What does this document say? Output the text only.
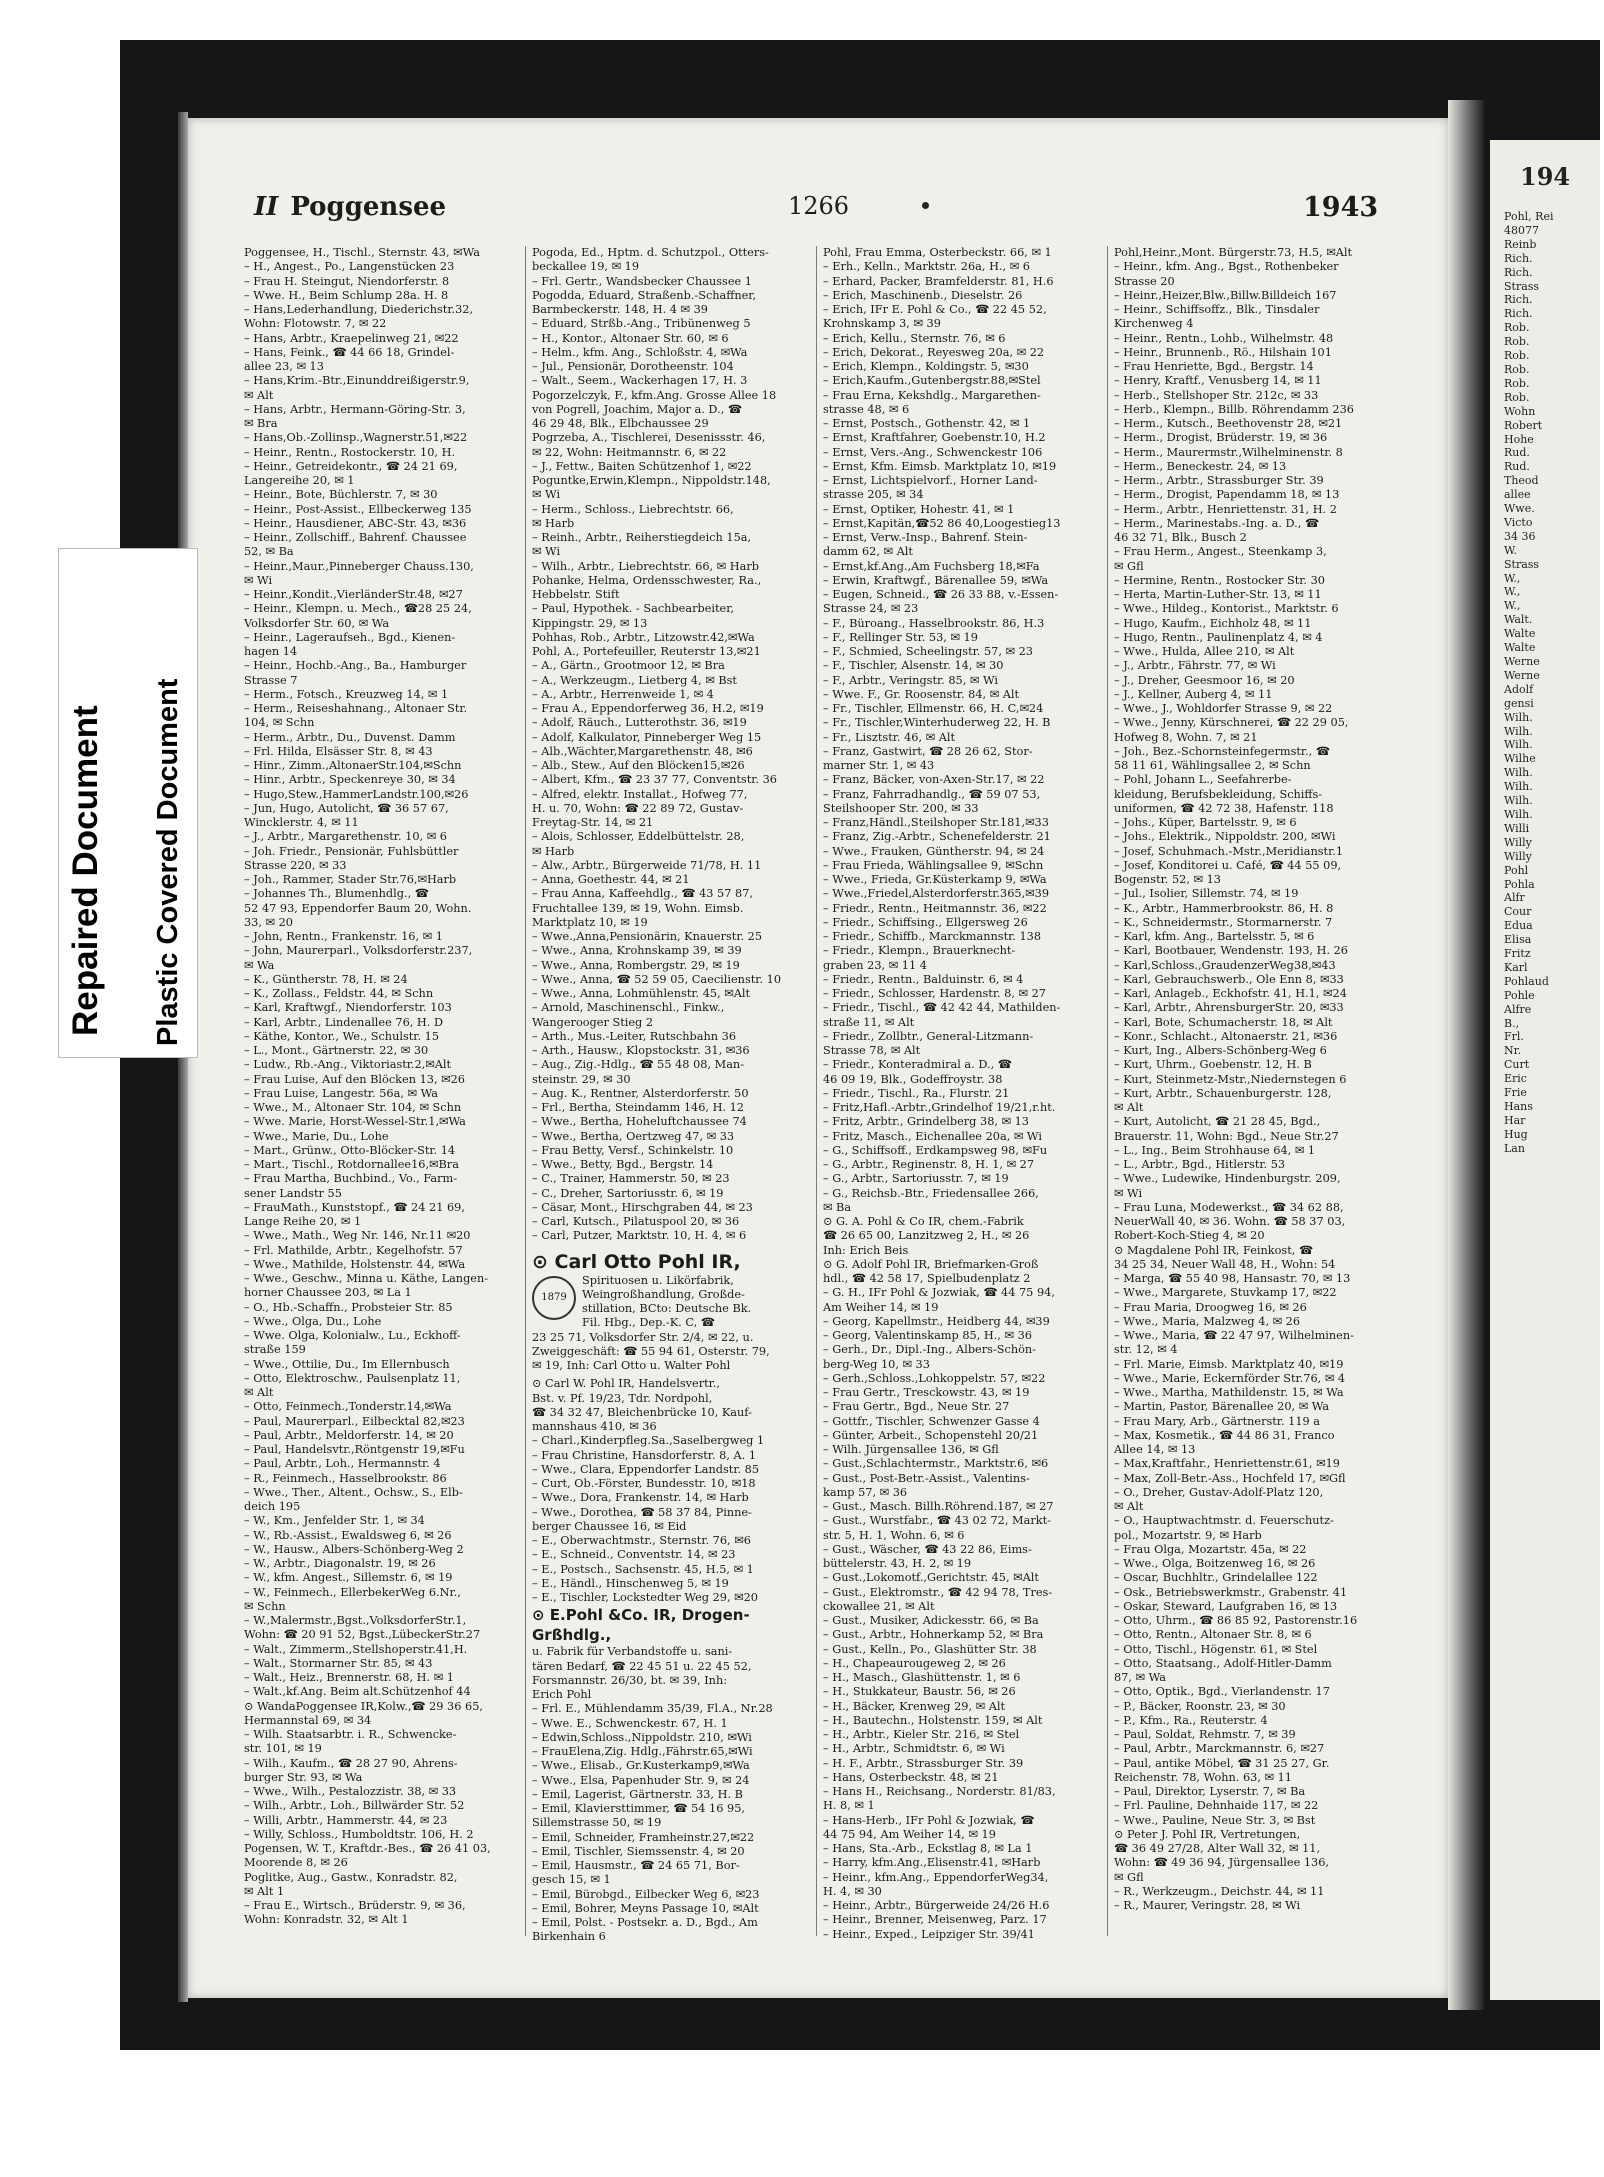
194
Pohl, Rei
48077
Reinb
Rich.
Rich.
Strass
Rich.
Rich.
Rob.
Rob.
Rob.
Rob.
Rob.
Rob.
Wohn
Robert
Hohe
Rud.
Rud.
Theod
allee
Wwe.
Victo
34 36
W.
Strass
W.,
W.,
W.,
Walt.
Walte
Walte
Werne
Werne
Adolf
gensi
Wilh.
Wilh.
Wilh.
Wilhe
Wilh.
Wilh.
Wilh.
Wilh.
Willi
Willy
Willy
Pohl
Pohla
Alfr
Cour
Edua
Elisa
Fritz
Karl
Pohlaud
Pohle
Alfre
B.,
Frl.
Nr.
Curt
Eric
Frie
Hans
Har
Hug
Lan
II Poggensee	1266	1943
Poggensee, H., Tischl., Sternstr. 43, ✉Wa
– H., Angest., Po., Langenstücken 23
– Frau H. Steingut, Niendorferstr. 8
– Wwe. H., Beim Schlump 28a. H. 8
– Hans,Lederhandlung, Diederichstr.32,
Wohn: Flotowstr. 7, ✉ 22
– Hans, Arbtr., Kraepelinweg 21, ✉22
– Hans, Feink., ☎ 44 66 18, Grindel-
allee 23, ✉ 13
– Hans,Krim.-Btr.,Einunddreißigerstr.9,
✉ Alt
– Hans, Arbtr., Hermann-Göring-Str. 3,
✉ Bra
– Hans,Ob.-Zollinsp.,Wagnerstr.51,✉22
– Heinr., Rentn., Rostockerstr. 10, H.
– Heinr., Getreidekontr., ☎ 24 21 69,
Langereihe 20, ✉ 1
– Heinr., Bote, Büchlerstr. 7, ✉ 30
– Heinr., Post-Assist., Ellbeckerweg 135
– Heinr., Hausdiener, ABC-Str. 43, ✉36
– Heinr., Zollschiff., Bahrenf. Chaussee
52, ✉ Ba
– Heinr.,Maur.,Pinneberger Chauss.130,
✉ Wi
– Heinr.,Kondit.,VierländerStr.48, ✉27
– Heinr., Klempn. u. Mech., ☎28 25 24,
Volksdorfer Str. 60, ✉ Wa
– Heinr., Lageraufseh., Bgd., Kienen-
hagen 14
– Heinr., Hochb.-Ang., Ba., Hamburger
Strasse 7
– Herm., Fotsch., Kreuzweg 14, ✉ 1
– Herm., Reiseshahnang., Altonaer Str.
104, ✉ Schn
– Herm., Arbtr., Du., Duvenst. Damm
– Frl. Hilda, Elsässer Str. 8, ✉ 43
– Hinr., Zimm.,AltonaerStr.104,✉Schn
– Hinr., Arbtr., Speckenreye 30, ✉ 34
– Hugo,Stew.,HammerLandstr.100,✉26
– Jun, Hugo, Autolicht, ☎ 36 57 67,
Wincklerstr. 4, ✉ 11
– J., Arbtr., Margarethenstr. 10, ✉ 6
– Joh. Friedr., Pensionär, Fuhlsbüttler
Strasse 220, ✉ 33
– Joh., Rammer, Stader Str.76,✉Harb
– Johannes Th., Blumenhdlg., ☎
52 47 93, Eppendorfer Baum 20, Wohn.
33, ✉ 20
– John, Rentn., Frankenstr. 16, ✉ 1
– John, Maurerparl., Volksdorferstr.237,
✉ Wa
– K., Güntherstr. 78, H. ✉ 24
– K., Zollass., Feldstr. 44, ✉ Schn
– Karl, Kraftwgf., Niendorferstr. 103
– Karl, Arbtr., Lindenallee 76, H. D
– Käthe, Kontor., We., Schulstr. 15
– L., Mont., Gärtnerstr. 22, ✉ 30
– Ludw., Rb.-Ang., Viktoriastr.2,✉Alt
– Frau Luise, Auf den Blöcken 13, ✉26
– Frau Luise, Langestr. 56a, ✉ Wa
– Wwe., M., Altonaer Str. 104, ✉ Schn
– Wwe. Marie, Horst-Wessel-Str.1,✉Wa
– Wwe., Marie, Du., Lohe
– Mart., Grünw., Otto-Blöcker-Str. 14
– Mart., Tischl., Rotdornallee16,✉Bra
– Frau Martha, Buchbind., Vo., Farm-
sener Landstr 55
– FrauMath., Kunststopf., ☎ 24 21 69,
Lange Reihe 20, ✉ 1
– Wwe., Math., Weg Nr. 146, Nr.11 ✉20
– Frl. Mathilde, Arbtr., Kegelhofstr. 57
– Wwe., Mathilde, Holstenstr. 44, ✉Wa
– Wwe., Geschw., Minna u. Käthe, Langen-
horner Chaussee 203, ✉ La 1
– O., Hb.-Schaffn., Probsteier Str. 85
– Wwe., Olga, Du., Lohe
– Wwe. Olga, Kolonialw., Lu., Eckhoff-
straße 159
– Wwe., Ottilie, Du., Im Ellernbusch
– Otto, Elektroschw., Paulsenplatz 11,
✉ Alt
– Otto, Feinmech.,Tonderstr.14,✉Wa
– Paul, Maurerparl., Eilbecktal 82,✉23
– Paul, Arbtr., Meldorferstr. 14, ✉ 20
– Paul, Handelsvtr.,Röntgenstr 19,✉Fu
– Paul, Arbtr., Loh., Hermannstr. 4
– R., Feinmech., Hasselbrookstr. 86
– Wwe., Ther., Altent., Ochsw., S., Elb-
deich 195
– W., Km., Jenfelder Str. 1, ✉ 34
– W., Rb.-Assist., Ewaldsweg 6, ✉ 26
– W., Hausw., Albers-Schönberg-Weg 2
– W., Arbtr., Diagonalstr. 19, ✉ 26
– W., kfm. Angest., Sillemstr. 6, ✉ 19
– W., Feinmech., EllerbekerWeg 6.Nr.,
✉ Schn
– W.,Malermstr.,Bgst.,VolksdorferStr.1,
Wohn: ☎ 20 91 52, Bgst.,LübeckerStr.27
– Walt., Zimmerm.,Stellshoperstr.41,H.
– Walt., Stormarner Str. 85, ✉ 43
– Walt., Heiz., Brennerstr. 68, H. ✉ 1
– Walt.,kf.Ang. Beim alt.Schützenhof 44
⊙ WandaPoggensee IR,Kolw.,☎ 29 36 65,
Hermannstal 69, ✉ 34
– Wilh. Staatsarbtr. i. R., Schwencke-
str. 101, ✉ 19
– Wilh., Kaufm., ☎ 28 27 90, Ahrens-
burger Str. 93, ✉ Wa
– Wwe., Wilh., Pestalozzistr. 38, ✉ 33
– Wilh., Arbtr., Loh., Billwärder Str. 52
– Willi, Arbtr., Hammerstr. 44, ✉ 23
– Willy, Schloss., Humboldtstr. 106, H. 2
Pogensen, W. T., Kraftdr.-Bes., ☎ 26 41 03,
Moorende 8, ✉ 26
Poglitke, Aug., Gastw., Konradstr. 82,
✉ Alt 1
– Frau E., Wirtsch., Brüderstr. 9, ✉ 36,
Wohn: Konradstr. 32, ✉ Alt 1
Pogoda, Ed., Hptm. d. Schutzpol., Otters-
beckallee 19, ✉ 19
– Frl. Gertr., Wandsbecker Chaussee 1
Pogodda, Eduard, Straßenb.-Schaffner,
Barmbeckerstr. 148, H. 4 ✉ 39
– Eduard, Strßb.-Ang., Tribünenweg 5
– H., Kontor., Altonaer Str. 60, ✉ 6
– Helm., kfm. Ang., Schloßstr. 4, ✉Wa
– Jul., Pensionär, Dorotheenstr. 104
– Walt., Seem., Wackerhagen 17, H. 3
Pogorzelczyk, F., kfm.Ang. Grosse Allee 18
von Pogrell, Joachim, Major a. D., ☎
46 29 48, Blk., Elbchaussee 29
Pogrzeba, A., Tischlerei, Desenissstr. 46,
✉ 22, Wohn: Heitmannstr. 6, ✉ 22
– J., Fettw., Baiten Schützenhof 1, ✉22
Poguntke,Erwin,Klempn., Nippoldstr.148,
✉ Wi
– Herm., Schloss., Liebrechtstr. 66,
✉ Harb
– Reinh., Arbtr., Reiherstiegdeich 15a,
✉ Wi
– Wilh., Arbtr., Liebrechtstr. 66, ✉ Harb
Pohanke, Helma, Ordensschwester, Ra.,
Hebbelstr. Stift
– Paul, Hypothek. - Sachbearbeiter,
Kippingstr. 29, ✉ 13
Pohhas, Rob., Arbtr., Litzowstr.42,✉Wa
Pohl, A., Portefeuiller, Reuterstr 13,✉21
– A., Gärtn., Grootmoor 12, ✉ Bra
– A., Werkzeugm., Lietberg 4, ✉ Bst
– A., Arbtr., Herrenweide 1, ✉ 4
– Frau A., Eppendorferweg 36, H.2, ✉19
– Adolf, Räuch., Lutterothstr. 36, ✉19
– Adolf, Kalkulator, Pinneberger Weg 15
– Alb.,Wächter,Margarethenstr. 48, ✉6
– Alb., Stew., Auf den Blöcken15,✉26
– Albert, Kfm., ☎ 23 37 77, Conventstr. 36
– Alfred, elektr. Installat., Hofweg 77,
H. u. 70, Wohn: ☎ 22 89 72, Gustav-
Freytag-Str. 14, ✉ 21
– Alois, Schlosser, Eddelbüttelstr. 28,
✉ Harb
– Alw., Arbtr., Bürgerweide 71/78, H. 11
– Anna, Goethestr. 44, ✉ 21
– Frau Anna, Kaffeehdlg., ☎ 43 57 87,
Fruchtallee 139, ✉ 19, Wohn. Eimsb.
Marktplatz 10, ✉ 19
– Wwe.,Anna,Pensionärin, Knauerstr. 25
– Wwe., Anna, Krohnskamp 39, ✉ 39
– Wwe., Anna, Rombergstr. 29, ✉ 19
– Wwe., Anna, ☎ 52 59 05, Caecilienstr. 10
– Wwe., Anna, Lohmühlenstr. 45, ✉Alt
– Arnold, Maschinenschl., Finkw.,
Wangerooger Stieg 2
– Arth., Mus.-Leiter, Rutschbahn 36
– Arth., Hausw., Klopstockstr. 31, ✉36
– Aug., Zig.-Hdlg., ☎ 55 48 08, Man-
steinstr. 29, ✉ 30
– Aug. K., Rentner, Alsterdorferstr. 50
– Frl., Bertha, Steindamm 146, H. 12
– Wwe., Bertha, Hoheluftchaussee 74
– Wwe., Bertha, Oertzweg 47, ✉ 33
– Frau Betty, Versf., Schinkelstr. 10
– Wwe., Betty, Bgd., Bergstr. 14
– C., Trainer, Hammerstr. 50, ✉ 23
– C., Dreher, Sartoriusstr. 6, ✉ 19
– Cäsar, Mont., Hirschgraben 44, ✉ 23
– Carl, Kutsch., Pilatuspool 20, ✉ 36
– Carl, Putzer, Marktstr. 10, H. 4, ✉ 6
⊙ Carl Otto Pohl IR,
1879
Spirituosen u. Likörfabrik,
Weingroßhandlung, Großde-
stillation, BCto: Deutsche Bk.
Fil. Hbg., Dep.-K. C, ☎
23 25 71, Volksdorfer Str. 2/4, ✉ 22, u.
Zweiggeschäft: ☎ 55 94 61, Osterstr. 79,
✉ 19, Inh: Carl Otto u. Walter Pohl
⊙ Carl W. Pohl IR, Handelsvertr.,
Bst. v. Pf. 19/23, Tdr. Nordpohl,
☎ 34 32 47, Bleichenbrücke 10, Kauf-
mannshaus 410, ✉ 36
– Charl.,Kinderpfleg.Sa.,Saselbergweg 1
– Frau Christine, Hansdorferstr. 8, A. 1
– Wwe., Clara, Eppendorfer Landstr. 85
– Curt, Ob.-Förster, Bundesstr. 10, ✉18
– Wwe., Dora, Frankenstr. 14, ✉ Harb
– Wwe., Dorothea, ☎ 58 37 84, Pinne-
berger Chaussee 16, ✉ Eid
– E., Oberwachtmstr., Sternstr. 76, ✉6
– E., Schneid., Conventstr. 14, ✉ 23
– E., Postsch., Sachsenstr. 45, H.5, ✉ 1
– E., Händl., Hinschenweg 5, ✉ 19
– E., Tischler, Lockstedter Weg 29, ✉20
⊙ E.Pohl &Co. IR, Drogen-Grßhdlg.,
u. Fabrik für Verbandstoffe u. sani-
tären Bedarf, ☎ 22 45 51 u. 22 45 52,
Forsmannstr. 26/30, bt. ✉ 39, Inh:
Erich Pohl
– Frl. E., Mühlendamm 35/39, Fl.A., Nr.28
– Wwe. E., Schwenckestr. 67, H. 1
– Edwin,Schloss.,Nippoldstr. 210, ✉Wi
– FrauElena,Zig. Hdlg.,Fährstr.65,✉Wi
– Wwe., Elisab., Gr.Kusterkamp9,✉Wa
– Wwe., Elsa, Papenhuder Str. 9, ✉ 24
– Emil, Lagerist, Gärtnerstr. 33, H. B
– Emil, Klaviersttimmer, ☎ 54 16 95,
Sillemstrasse 50, ✉ 19
– Emil, Schneider, Framheinstr.27,✉22
– Emil, Tischler, Siemssenstr. 4, ✉ 20
– Emil, Hausmstr., ☎ 24 65 71, Bor-
gesch 15, ✉ 1
– Emil, Bürobgd., Eilbecker Weg 6, ✉23
– Emil, Bohrer, Meyns Passage 10, ✉Alt
– Emil, Polst. - Postsekr. a. D., Bgd., Am
Birkenhain 6
Pohl, Frau Emma, Osterbeckstr. 66, ✉ 1
– Erh., Kelln., Marktstr. 26a, H., ✉ 6
– Erhard, Packer, Bramfelderstr. 81, H.6
– Erich, Maschinenb., Dieselstr. 26
– Erich, IFr E. Pohl & Co., ☎ 22 45 52,
Krohnskamp 3, ✉ 39
– Erich, Kellu., Sternstr. 76, ✉ 6
– Erich, Dekorat., Reyesweg 20a, ✉ 22
– Erich, Klempn., Koldingstr. 5, ✉30
– Erich,Kaufm.,Gutenbergstr.88,✉Stel
– Frau Erna, Kekshdlg., Margarethen-
strasse 48, ✉ 6
– Ernst, Postsch., Gothenstr. 42, ✉ 1
– Ernst, Kraftfahrer, Goebenstr.10, H.2
– Ernst, Vers.-Ang., Schwenckestr 106
– Ernst, Kfm. Eimsb. Marktplatz 10, ✉19
– Ernst, Lichtspielvorf., Horner Land-
strasse 205, ✉ 34
– Ernst, Optiker, Hohestr. 41, ✉ 1
– Ernst,Kapitän,☎52 86 40,Loogestieg13
– Ernst, Verw.-Insp., Bahrenf. Stein-
damm 62, ✉ Alt
– Ernst,kf.Ang.,Am Fuchsberg 18,✉Fa
– Erwin, Kraftwgf., Bärenallee 59, ✉Wa
– Eugen, Schneid., ☎ 26 33 88, v.-Essen-
Strasse 24, ✉ 23
– F., Büroang., Hasselbrookstr. 86, H.3
– F., Rellinger Str. 53, ✉ 19
– F., Schmied, Scheelingstr. 57, ✉ 23
– F., Tischler, Alsenstr. 14, ✉ 30
– F., Arbtr., Veringstr. 85, ✉ Wi
– Wwe. F., Gr. Roosenstr. 84, ✉ Alt
– Fr., Tischler, Ellmenstr. 66, H. C,✉24
– Fr., Tischler,Winterhuderweg 22, H. B
– Fr., Lisztstr. 46, ✉ Alt
– Franz, Gastwirt, ☎ 28 26 62, Stor-
marner Str. 1, ✉ 43
– Franz, Bäcker, von-Axen-Str.17, ✉ 22
– Franz, Fahrradhandlg., ☎ 59 07 53,
Steilshooper Str. 200, ✉ 33
– Franz,Händl.,Steilshoper Str.181,✉33
– Franz, Zig.-Arbtr., Schenefelderstr. 21
– Wwe., Frauken, Güntherstr. 94, ✉ 24
– Frau Frieda, Wählingsallee 9, ✉Schn
– Wwe., Frieda, Gr.Küsterkamp 9, ✉Wa
– Wwe.,Friedel,Alsterdorferstr.365,✉39
– Friedr., Rentn., Heitmannstr. 36, ✉22
– Friedr., Schiffsing., Ellgersweg 26
– Friedr., Schiffb., Marckmannstr. 138
– Friedr., Klempn., Brauerknecht-
graben 23, ✉ 11 4
– Friedr., Rentn., Balduinstr. 6, ✉ 4
– Friedr., Schlosser, Hardenstr. 8, ✉ 27
– Friedr., Tischl., ☎ 42 42 44, Mathilden-
straße 11, ✉ Alt
– Friedr., Zollbtr., General-Litzmann-
Strasse 78, ✉ Alt
– Friedr., Konteradmiral a. D., ☎
46 09 19, Blk., Godeffroystr. 38
– Friedr., Tischl., Ra., Flurstr. 21
– Fritz,Hafl.-Arbtr.,Grindelhof 19/21,r.ht.
– Fritz, Arbtr., Grindelberg 38, ✉ 13
– Fritz, Masch., Eichenallee 20a, ✉ Wi
– G., Schiffsoff., Erdkampsweg 98, ✉Fu
– G., Arbtr., Reginenstr. 8, H. 1, ✉ 27
– G., Arbtr., Sartoriusstr. 7, ✉ 19
– G., Reichsb.-Btr., Friedensallee 266,
✉ Ba
⊙ G. A. Pohl & Co IR, chem.-Fabrik
☎ 26 65 00, Lanzitzweg 2, H., ✉ 26
Inh: Erich Beis
⊙ G. Adolf Pohl IR, Briefmarken-Groß
hdl., ☎ 42 58 17, Spielbudenplatz 2
– G. H., IFr Pohl & Jozwiak, ☎ 44 75 94,
Am Weiher 14, ✉ 19
– Georg, Kapellmstr., Heidberg 44, ✉39
– Georg, Valentinskamp 85, H., ✉ 36
– Gerh., Dr., Dipl.-Ing., Albers-Schön-
berg-Weg 10, ✉ 33
– Gerh.,Schloss.,Lohkoppelstr. 57, ✉22
– Frau Gertr., Tresckowstr. 43, ✉ 19
– Frau Gertr., Bgd., Neue Str. 27
– Gottfr., Tischler, Schwenzer Gasse 4
– Günter, Arbeit., Schopenstehl 20/21
– Wilh. Jürgensallee 136, ✉ Gfl
– Gust.,Schlachtermstr., Marktstr.6, ✉6
– Gust., Post-Betr.-Assist., Valentins-
kamp 57, ✉ 36
– Gust., Masch. Billh.Röhrend.187, ✉ 27
– Gust., Wurstfabr., ☎ 43 02 72, Markt-
str. 5, H. 1, Wohn. 6, ✉ 6
– Gust., Wäscher, ☎ 43 22 86, Eims-
büttelerstr. 43, H. 2, ✉ 19
– Gust.,Lokomotf.,Gerichtstr. 45, ✉Alt
– Gust., Elektromstr., ☎ 42 94 78, Tres-
ckowallee 21, ✉ Alt
– Gust., Musiker, Adickesstr. 66, ✉ Ba
– Gust., Arbtr., Hohnerkamp 52, ✉ Bra
– Gust., Kelln., Po., Glashütter Str. 38
– H., Chapeaurougeweg 2, ✉ 26
– H., Masch., Glashüttenstr. 1, ✉ 6
– H., Stukkateur, Baustr. 56, ✉ 26
– H., Bäcker, Krenweg 29, ✉ Alt
– H., Bautechn., Holstenstr. 159, ✉ Alt
– H., Arbtr., Kieler Str. 216, ✉ Stel
– H., Arbtr., Schmidtstr. 6, ✉ Wi
– H. F., Arbtr., Strassburger Str. 39
– Hans, Osterbeckstr. 48, ✉ 21
– Hans H., Reichsang., Norderstr. 81/83,
H. 8, ✉ 1
– Hans-Herb., IFr Pohl & Jozwiak, ☎
44 75 94, Am Weiher 14, ✉ 19
– Hans, Sta.-Arb., Eckstlag 8, ✉ La 1
– Harry, kfm.Ang.,Elisenstr.41, ✉Harb
– Heinr., kfm.Ang., EppendorferWeg34,
H. 4, ✉ 30
– Heinr., Arbtr., Bürgerweide 24/26 H.6
– Heinr., Brenner, Meisenweg, Parz. 17
– Heinr., Exped., Leipziger Str. 39/41
Pohl,Heinr.,Mont. Bürgerstr.73, H.5, ✉Alt
– Heinr., kfm. Ang., Bgst., Rothenbeker
Strasse 20
– Heinr.,Heizer,Blw.,Billw.Billdeich 167
– Heinr., Schiffsoffz., Blk., Tinsdaler
Kirchenweg 4
– Heinr., Rentn., Lohb., Wilhelmstr. 48
– Heinr., Brunnenb., Rö., Hilshain 101
– Frau Henriette, Bgd., Bergstr. 14
– Henry, Kraftf., Venusberg 14, ✉ 11
– Herb., Stellshoper Str. 212c, ✉ 33
– Herb., Klempn., Billb. Röhrendamm 236
– Herm., Kutsch., Beethovenstr 28, ✉21
– Herm., Drogist, Brüderstr. 19, ✉ 36
– Herm., Maurermstr.,Wilhelminenstr. 8
– Herm., Beneckestr. 24, ✉ 13
– Herm., Arbtr., Strassburger Str. 39
– Herm., Drogist, Papendamm 18, ✉ 13
– Herm., Arbtr., Henriettenstr. 31, H. 2
– Herm., Marinestabs.-Ing. a. D., ☎
46 32 71, Blk., Busch 2
– Frau Herm., Angest., Steenkamp 3,
✉ Gfl
– Hermine, Rentn., Rostocker Str. 30
– Herta, Martin-Luther-Str. 13, ✉ 11
– Wwe., Hildeg., Kontorist., Marktstr. 6
– Hugo, Kaufm., Eichholz 48, ✉ 11
– Hugo, Rentn., Paulinenplatz 4, ✉ 4
– Wwe., Hulda, Allee 210, ✉ Alt
– J., Arbtr., Fährstr. 77, ✉ Wi
– J., Dreher, Geesmoor 16, ✉ 20
– J., Kellner, Auberg 4, ✉ 11
– Wwe., J., Wohldorfer Strasse 9, ✉ 22
– Wwe., Jenny, Kürschnerei, ☎ 22 29 05,
Hofweg 8, Wohn. 7, ✉ 21
– Joh., Bez.-Schornsteinfegermstr., ☎
58 11 61, Wählingsallee 2, ✉ Schn
– Pohl, Johann L., Seefahrerbe-
kleidung, Berufsbekleidung, Schiffs-
uniformen, ☎ 42 72 38, Hafenstr. 118
– Johs., Küper, Bartelsstr. 9, ✉ 6
– Johs., Elektrik., Nippoldstr. 200, ✉Wi
– Josef, Schuhmach.-Mstr.,Meridianstr.1
– Josef, Konditorei u. Café, ☎ 44 55 09,
Bogenstr. 52, ✉ 13
– Jul., Isolier, Sillemstr. 74, ✉ 19
– K., Arbtr., Hammerbrookstr. 86, H. 8
– K., Schneidermstr., Stormarnerstr. 7
– Karl, kfm. Ang., Bartelsstr. 5, ✉ 6
– Karl, Bootbauer, Wendenstr. 193, H. 26
– Karl,Schloss.,GraudenzerWeg38,✉43
– Karl, Gebrauchswerb., Ole Enn 8, ✉33
– Karl, Anlageb., Eckhofstr. 41, H.1, ✉24
– Karl, Arbtr., AhrensburgerStr. 20, ✉33
– Karl, Bote, Schumacherstr. 18, ✉ Alt
– Konr., Schlacht., Altonaerstr. 21, ✉36
– Kurt, Ing., Albers-Schönberg-Weg 6
– Kurt, Uhrm., Goebenstr. 12, H. B
– Kurt, Steinmetz-Mstr.,Niedernstegen 6
– Kurt, Arbtr., Schauenburgerstr. 128,
✉ Alt
– Kurt, Autolicht, ☎ 21 28 45, Bgd.,
Brauerstr. 11, Wohn: Bgd., Neue Str.27
– L., Ing., Beim Strohhause 64, ✉ 1
– L., Arbtr., Bgd., Hitlerstr. 53
– Wwe., Ludewike, Hindenburgstr. 209,
✉ Wi
– Frau Luna, Modewerkst., ☎ 34 62 88,
NeuerWall 40, ✉ 36. Wohn. ☎ 58 37 03,
Robert-Koch-Stieg 4, ✉ 20
⊙ Magdalene Pohl IR, Feinkost, ☎
34 25 34, Neuer Wall 48, H., Wohn: 54
– Marga, ☎ 55 40 98, Hansastr. 70, ✉ 13
– Wwe., Margarete, Stuvkamp 17, ✉22
– Frau Maria, Droogweg 16, ✉ 26
– Wwe., Maria, Malzweg 4, ✉ 26
– Wwe., Maria, ☎ 22 47 97, Wilhelminen-
str. 12, ✉ 4
– Frl. Marie, Eimsb. Marktplatz 40, ✉19
– Wwe., Marie, Eckernförder Str.76, ✉ 4
– Wwe., Martha, Mathildenstr. 15, ✉ Wa
– Martin, Pastor, Bärenallee 20, ✉ Wa
– Frau Mary, Arb., Gärtnerstr. 119 a
– Max, Kosmetik., ☎ 44 86 31, Franco
Allee 14, ✉ 13
– Max,Kraftfahr., Henriettenstr.61, ✉19
– Max, Zoll-Betr.-Ass., Hochfeld 17, ✉Gfl
– O., Dreher, Gustav-Adolf-Platz 120,
✉ Alt
– O., Hauptwachtmstr. d. Feuerschutz-
pol., Mozartstr. 9, ✉ Harb
– Frau Olga, Mozartstr. 45a, ✉ 22
– Wwe., Olga, Boitzenweg 16, ✉ 26
– Oscar, Buchhltr., Grindelallee 122
– Osk., Betriebswerkmstr., Grabenstr. 41
– Oskar, Steward, Laufgraben 16, ✉ 13
– Otto, Uhrm., ☎ 86 85 92, Pastorenstr.16
– Otto, Rentn., Altonaer Str. 8, ✉ 6
– Otto, Tischl., Högenstr. 61, ✉ Stel
– Otto, Staatsang., Adolf-Hitler-Damm
87, ✉ Wa
– Otto, Optik., Bgd., Vierlandenstr. 17
– P., Bäcker, Roonstr. 23, ✉ 30
– P., Kfm., Ra., Reuterstr. 4
– Paul, Soldat, Rehmstr. 7, ✉ 39
– Paul, Arbtr., Marckmannstr. 6, ✉27
– Paul, antike Möbel, ☎ 31 25 27, Gr.
Reichenstr. 78, Wohn. 63, ✉ 11
– Paul, Direktor, Lyserstr. 7, ✉ Ba
– Frl. Pauline, Dehnhaide 117, ✉ 22
– Wwe., Pauline, Neue Str. 3, ✉ Bst
⊙ Peter J. Pohl IR, Vertretungen,
☎ 36 49 27/28, Alter Wall 32, ✉ 11,
Wohn: ☎ 49 36 94, Jürgensallee 136,
✉ Gfl
– R., Werkzeugm., Deichstr. 44, ✉ 11
– R., Maurer, Veringstr. 28, ✉ Wi
Repaired Document Plastic Covered Document
